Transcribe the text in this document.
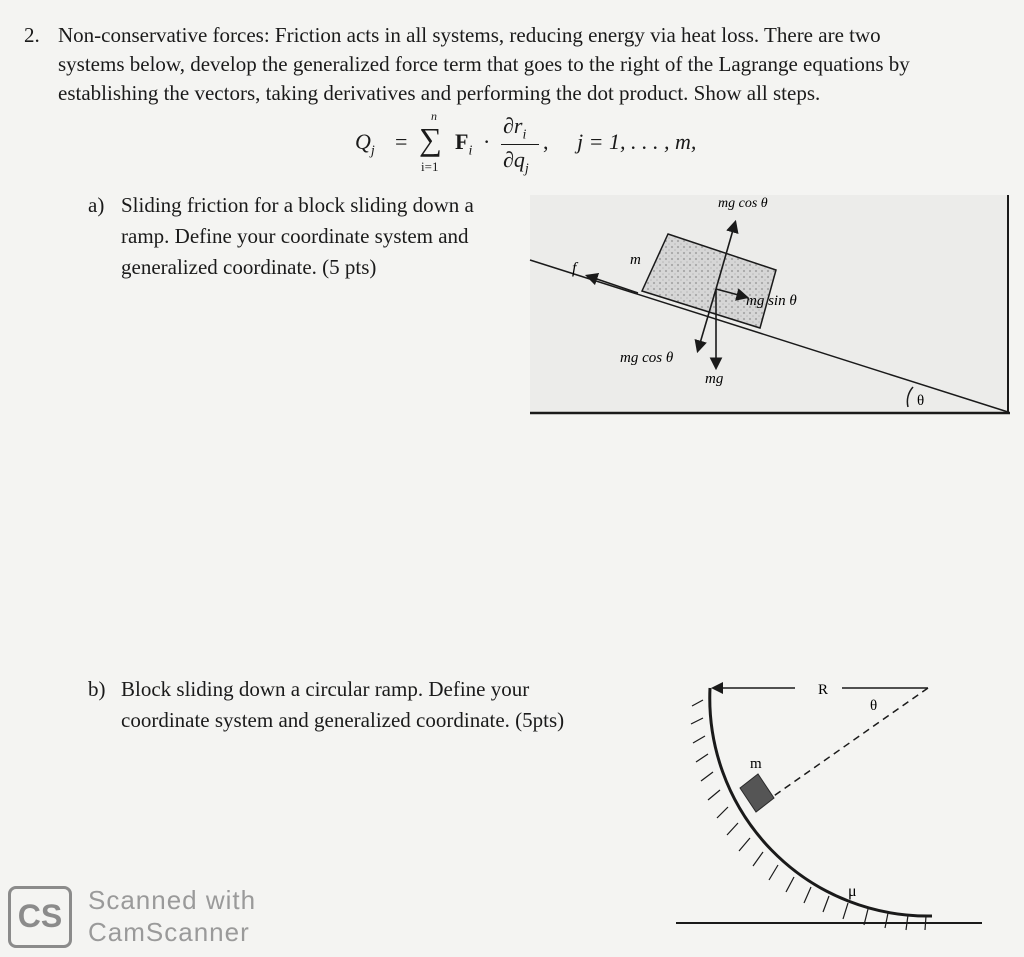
2. Non-conservative forces: Friction acts in all systems, reducing energy via heat loss. There are two
systems below, develop the generalized force term that goes to the right of the Lagrange equations by
establishing the vectors, taking derivatives and performing the dot product. Show all steps.
$Q_j$ =
n
∑
i=1
$F_i$ ·
$\partial r_i$
$\partial q_j$
, j = 1, . . . , m,
a) Sliding friction for a block sliding down a
ramp. Define your coordinate system and
generalized coordinate. (5 pts)
θ
m
f
mg cos θ
mg sin θ
mg cos θ
mg
b) Block sliding down a circular ramp. Define your
coordinate system and generalized coordinate. (5pts)
R
θ
m
μ
CS Scanned with
CamScanner
